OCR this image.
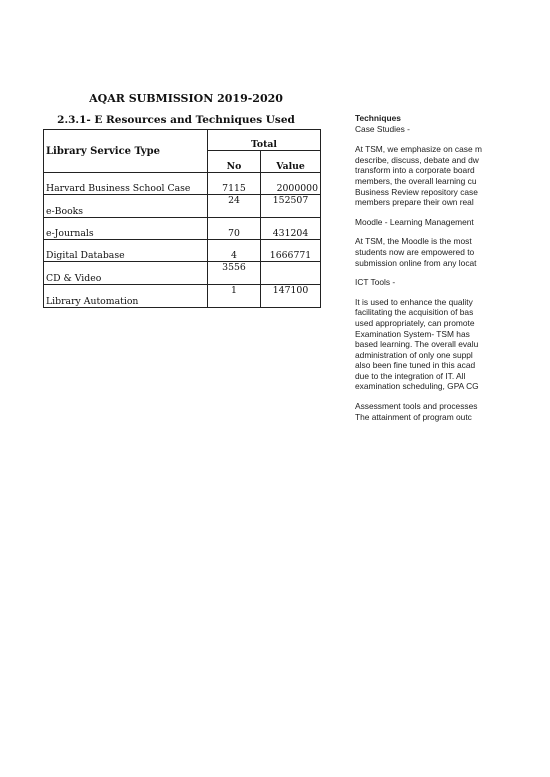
AQAR SUBMISSION 2019-2020
2.3.1- E Resources and Techniques Used
Library Service Type	Total	
	No	Value
Harvard Business School Case	7115	2000000
e-Books	24	152507
e-Journals	70	431204
Digital Database	4	1666771
CD & Video	3556	
Library Automation	1	147100
Techniques
Case Studies -
At TSM, we emphasize on case m
describe, discuss, debate and dw
transform into a corporate board
members, the overall learning cu
Business Review repository case
members prepare their own real
Moodle - Learning Management
At TSM, the Moodle is the most
students now are empowered to
submission online from any locat
ICT Tools -
It is used to enhance the quality
facilitating the acquisition of bas
used appropriately, can promote
Examination System- TSM has
based learning. The overall evalu
administration of only one suppl
also been fine tuned in this acad
due to the integration of IT. All
examination scheduling, GPA CG
Assessment tools and processes
The attainment of program outc
